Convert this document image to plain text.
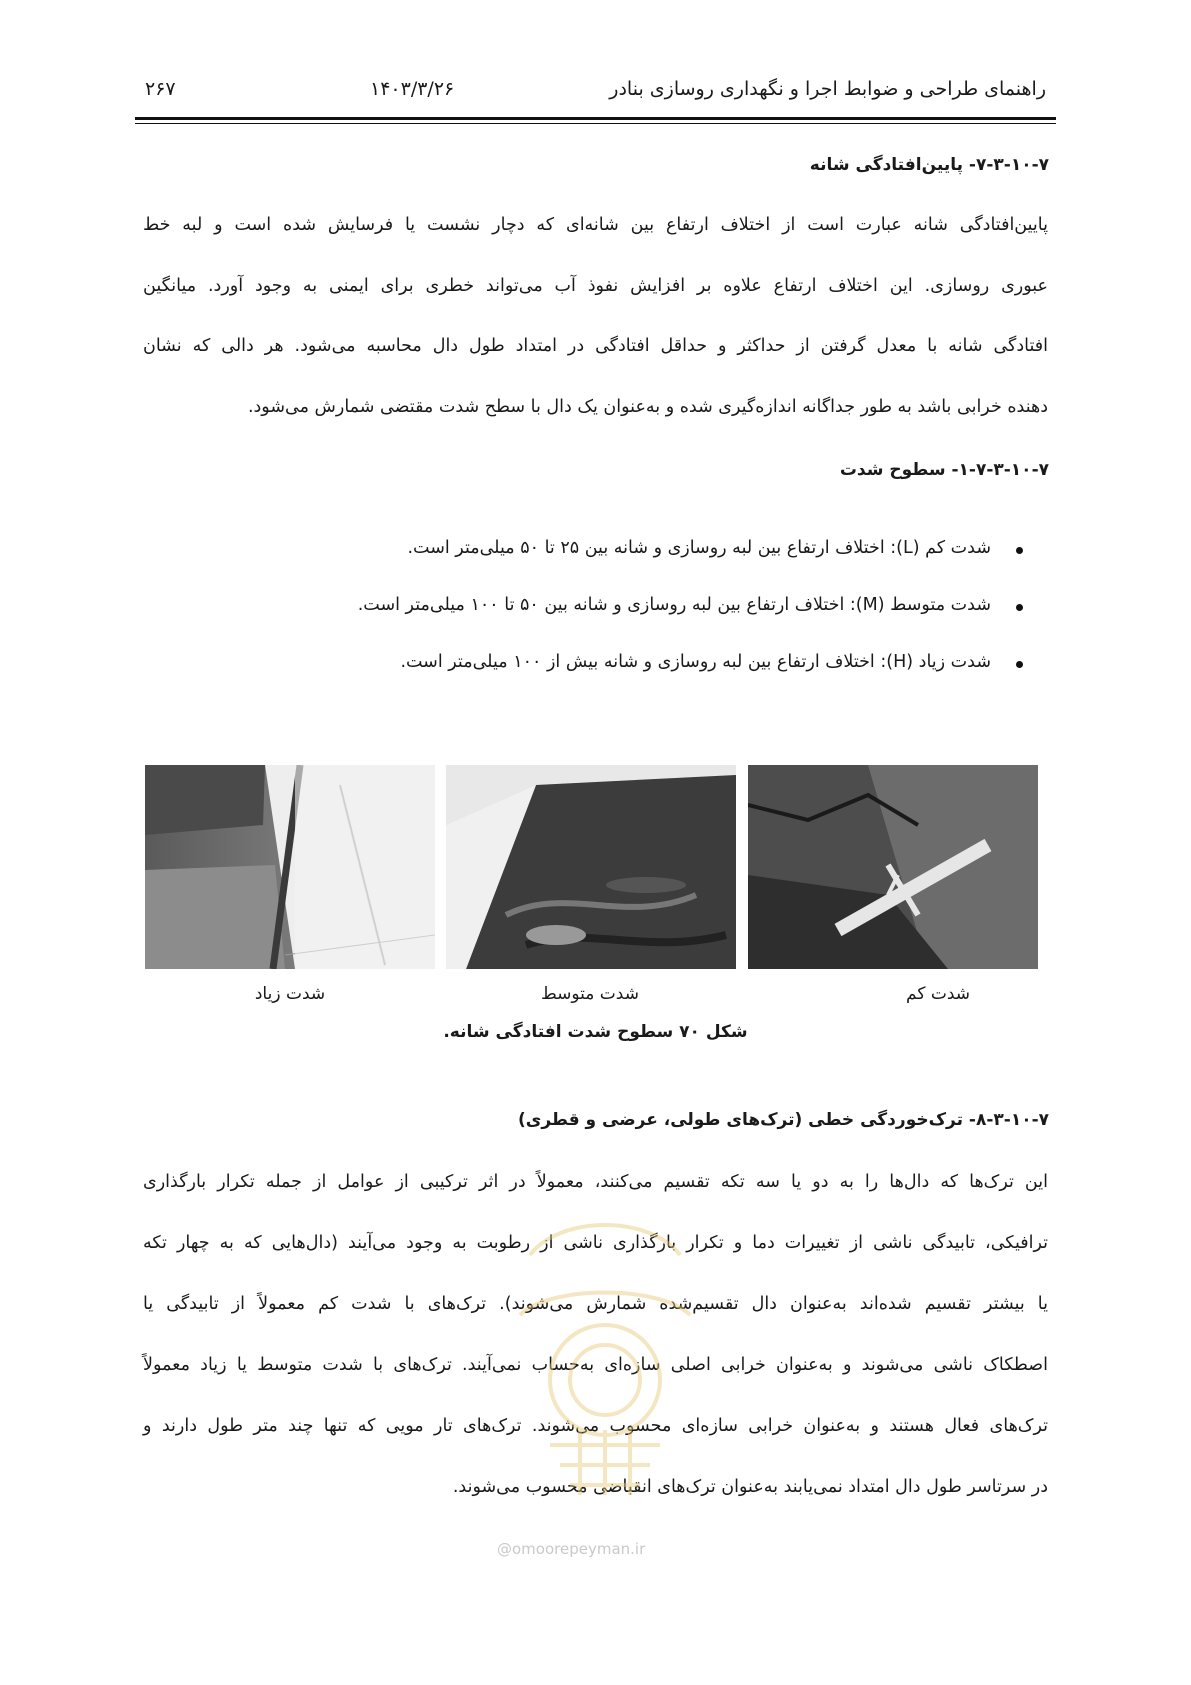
۲۶۷	۱۴۰۳/۳/۲۶	راهنمای طراحی و ضوابط اجرا و نگهداری روسازی بنادر
۷-۳-۱۰-۷- پایین‌افتادگی شانه
پایین‌افتادگی شانه عبارت است از اختلاف ارتفاع بین شانه‌ای که دچار نشست یا فرسایش شده است و لبه خط
عبوری روسازی. این اختلاف ارتفاع علاوه بر افزایش نفوذ آب می‌تواند خطری برای ایمنی به وجود آورد. میانگین
افتادگی شانه با معدل گرفتن از حداکثر و حداقل افتادگی در امتداد طول دال محاسبه می‌شود. هر دالی که نشان
دهنده خرابی باشد به طور جداگانه اندازه‌گیری شده و به‌عنوان یک دال با سطح شدت مقتضی شمارش می‌شود.
۱-۷-۳-۱۰-۷- سطوح شدت
شدت کم (L): اختلاف ارتفاع بین لبه روسازی و شانه بین ۲۵ تا ۵۰ میلی‌متر است.
شدت متوسط (M): اختلاف ارتفاع بین لبه روسازی و شانه بین ۵۰ تا ۱۰۰ میلی‌متر است.
شدت زیاد (H): اختلاف ارتفاع بین لبه روسازی و شانه بیش از ۱۰۰ میلی‌متر است.
شدت کم
شدت متوسط
شدت زیاد
شکل ۷۰ سطوح شدت افتادگی شانه.
۸-۳-۱۰-۷- ترک‌خوردگی خطی (ترک‌های طولی، عرضی و قطری)
این ترک‌ها که دال‌ها را به دو یا سه تکه تقسیم می‌کنند، معمولاً در اثر ترکیبی از عوامل از جمله تکرار بارگذاری
ترافیکی، تابیدگی ناشی از تغییرات دما و تکرار بارگذاری ناشی از رطوبت به وجود می‌آیند (دال‌هایی که به چهار تکه
یا بیشتر تقسیم شده‌اند به‌عنوان دال تقسیم‌شده شمارش می‌شوند). ترک‌های با شدت کم معمولاً از تابیدگی یا
اصطکاک ناشی می‌شوند و به‌عنوان خرابی اصلی سازه‌ای به‌حساب نمی‌آیند. ترک‌های با شدت متوسط یا زیاد معمولاً
ترک‌های فعال هستند و به‌عنوان خرابی سازه‌ای محسوب می‌شوند. ترک‌های تار مویی که تنها چند متر طول دارند و
در سرتاسر طول دال امتداد نمی‌یابند به‌عنوان ترک‌های انقباضی محسوب می‌شوند.
@omoorepeyman.ir
